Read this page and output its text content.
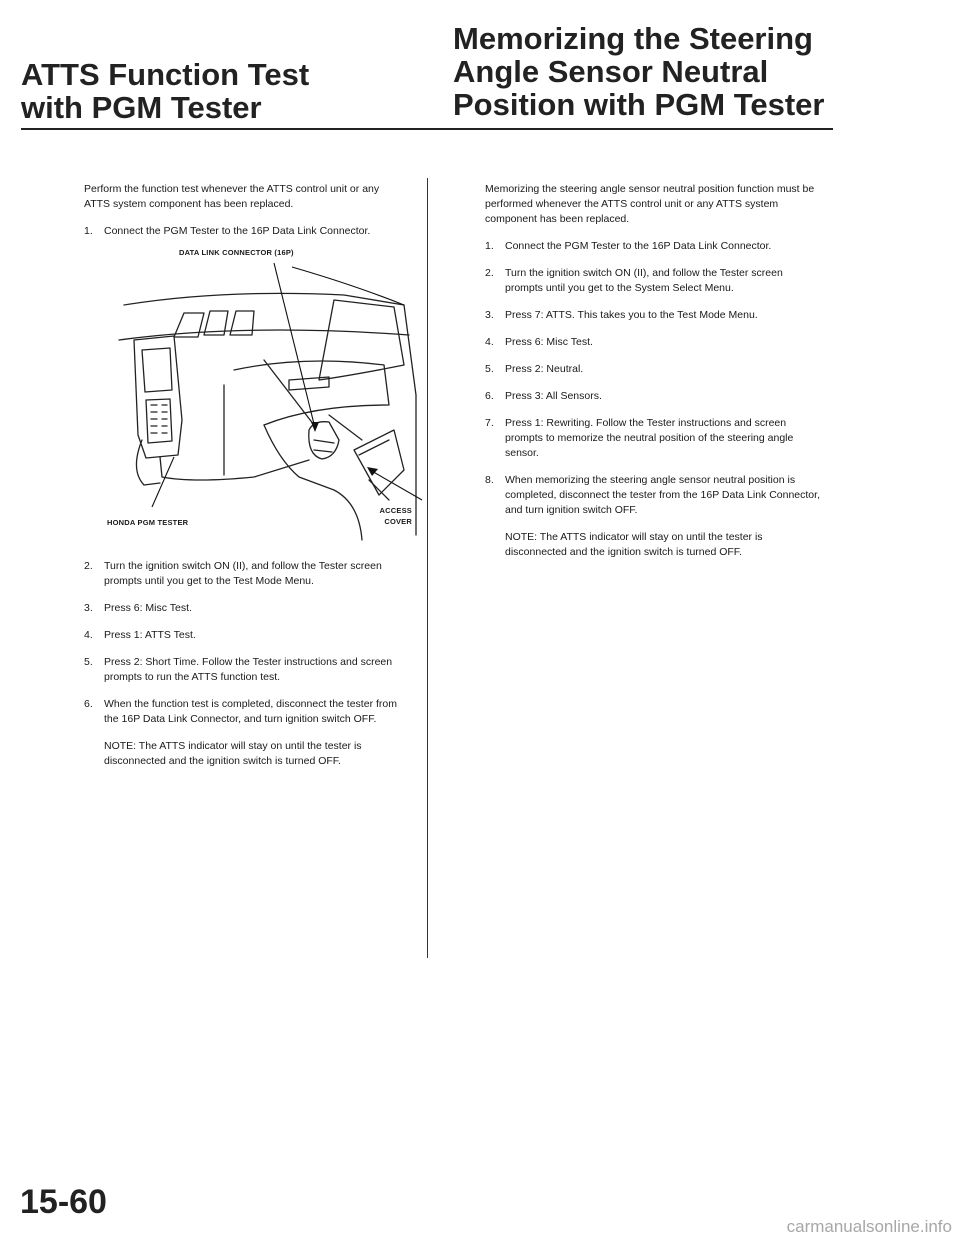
ATTS Function Test with PGM Tester
Memorizing the Steering Angle Sensor Neutral Position with PGM Tester

Perform the function test whenever the ATTS control unit or any ATTS system component has been replaced.

1. Connect the PGM Tester to the 16P Data Link Connector.
DATA LINK CONNECTOR (16P)
HONDA PGM TESTER
ACCESS COVER
2. Turn the ignition switch ON (II), and follow the Tester screen prompts until you get to the Test Mode Menu.
3. Press 6: Misc Test.
4. Press 1: ATTS Test.
5. Press 2: Short Time. Follow the Tester instructions and screen prompts to run the ATTS function test.
6. When the function test is completed, disconnect the tester from the 16P Data Link Connector, and turn ignition switch OFF.

NOTE: The ATTS indicator will stay on until the tester is disconnected and the ignition switch is turned OFF.

Memorizing the steering angle sensor neutral position function must be performed whenever the ATTS control unit or any ATTS system component has been replaced.

1. Connect the PGM Tester to the 16P Data Link Connector.
2. Turn the ignition switch ON (II), and follow the Tester screen prompts until you get to the System Select Menu.
3. Press 7: ATTS. This takes you to the Test Mode Menu.
4. Press 6: Misc Test.
5. Press 2: Neutral.
6. Press 3: All Sensors.
7. Press 1: Rewriting. Follow the Tester instructions and screen prompts to memorize the neutral position of the steering angle sensor.
8. When memorizing the steering angle sensor neutral position is completed, disconnect the tester from the 16P Data Link Connector, and turn ignition switch OFF.

NOTE: The ATTS indicator will stay on until the tester is disconnected and the ignition switch is turned OFF.

15-60
carmanualsonline.info
